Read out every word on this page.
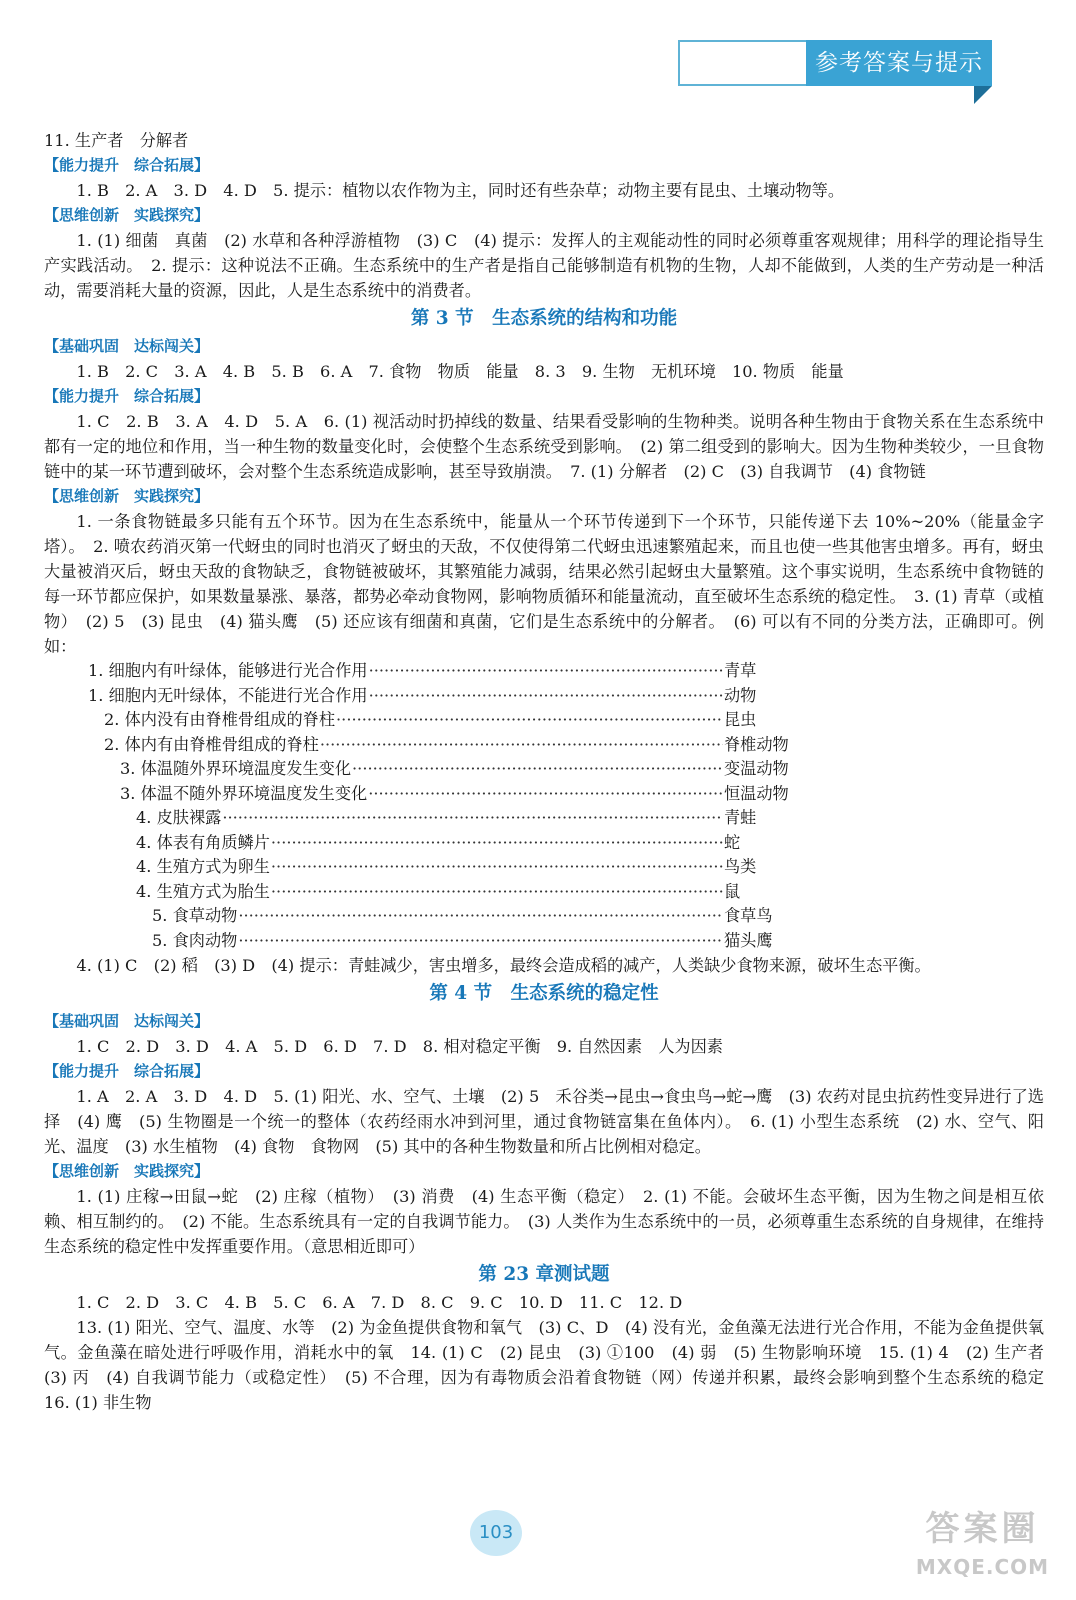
参考答案与提示

11. 生产者　分解者

【能力提升　综合拓展】

1. B　2. A　3. D　4. D　5. 提示：植物以农作物为主，同时还有些杂草；动物主要有昆虫、土壤动物等。

【思维创新　实践探究】

1. (1) 细菌　真菌　(2) 水草和各种浮游植物　(3) C　(4) 提示：发挥人的主观能动性的同时必须尊重客观规律；用科学的理论指导生产实践活动。　2. 提示：这种说法不正确。生态系统中的生产者是指自己能够制造有机物的生物，人却不能做到，人类的生产劳动是一种活动，需要消耗大量的资源，因此，人是生态系统中的消费者。

第 3 节　生态系统的结构和功能

【基础巩固　达标闯关】

1. B　2. C　3. A　4. B　5. B　6. A　7. 食物　物质　能量　8. 3　9. 生物　无机环境　10. 物质　能量

【能力提升　综合拓展】

1. C　2. B　3. A　4. D　5. A　6. (1) 视活动时扔掉线的数量、结果看受影响的生物种类。说明各种生物由于食物关系在生态系统中都有一定的地位和作用，当一种生物的数量变化时，会使整个生态系统受到影响。　(2) 第二组受到的影响大。因为生物种类较少，一旦食物链中的某一环节遭到破坏，会对整个生态系统造成影响，甚至导致崩溃。　7. (1) 分解者　(2) C　(3) 自我调节　(4) 食物链

【思维创新　实践探究】

1. 一条食物链最多只能有五个环节。因为在生态系统中，能量从一个环节传递到下一个环节，只能传递下去 10%~20%（能量金字塔）。　2. 喷农药消灭第一代蚜虫的同时也消灭了蚜虫的天敌，不仅使得第二代蚜虫迅速繁殖起来，而且也使一些其他害虫增多。再有，蚜虫大量被消灭后，蚜虫天敌的食物缺乏，食物链被破坏，其繁殖能力减弱，结果必然引起蚜虫大量繁殖。这个事实说明，生态系统中食物链的每一环节都应保护，如果数量暴涨、暴落，都势必牵动食物网，影响物质循环和能量流动，直至破坏生态系统的稳定性。　3. (1) 青草（或植物）　(2) 5　(3) 昆虫　(4) 猫头鹰　(5) 还应该有细菌和真菌，它们是生态系统中的分解者。　(6) 可以有不同的分类方法，正确即可。例如：

1. 细胞内有叶绿体，能够进行光合作用 ·····	青草
1. 细胞内无叶绿体，不能进行光合作用 ·····	动物
2. 体内没有由脊椎骨组成的脊柱 ·····	昆虫
2. 体内有由脊椎骨组成的脊柱 ·····	脊椎动物
3. 体温随外界环境温度发生变化 ·····	变温动物
3. 体温不随外界环境温度发生变化 ·····	恒温动物
4. 皮肤裸露 ·····	青蛙
4. 体表有角质鳞片 ·····	蛇
4. 生殖方式为卵生 ·····	鸟类
4. 生殖方式为胎生 ·····	鼠
5. 食草动物 ·····	食草鸟
5. 食肉动物 ·····	猫头鹰

4. (1) C　(2) 稻　(3) D　(4) 提示：青蛙减少，害虫增多，最终会造成稻的减产，人类缺少食物来源，破坏生态平衡。

第 4 节　生态系统的稳定性

【基础巩固　达标闯关】

1. C　2. D　3. D　4. A　5. D　6. D　7. D　8. 相对稳定平衡　9. 自然因素　人为因素

【能力提升　综合拓展】

1. A　2. A　3. D　4. D　5. (1) 阳光、水、空气、土壤　(2) 5　禾谷类→昆虫→食虫鸟→蛇→鹰　(3) 农药对昆虫抗药性变异进行了选择　(4) 鹰　(5) 生物圈是一个统一的整体（农药经雨水冲到河里，通过食物链富集在鱼体内）。　6. (1) 小型生态系统　(2) 水、空气、阳光、温度　(3) 水生植物　(4) 食物　食物网　(5) 其中的各种生物数量和所占比例相对稳定。

【思维创新　实践探究】

1. (1) 庄稼→田鼠→蛇　(2) 庄稼（植物）　(3) 消费　(4) 生态平衡（稳定）　2. (1) 不能。会破坏生态平衡，因为生物之间是相互依赖、相互制约的。　(2) 不能。生态系统具有一定的自我调节能力。　(3) 人类作为生态系统中的一员，必须尊重生态系统的自身规律，在维持生态系统的稳定性中发挥重要作用。（意思相近即可）

第 23 章测试题

1. C　2. D　3. C　4. B　5. C　6. A　7. D　8. C　9. C　10. D　11. C　12. D

13. (1) 阳光、空气、温度、水等　(2) 为金鱼提供食物和氧气　(3) C、D　(4) 没有光，金鱼藻无法进行光合作用，不能为金鱼提供氧气。金鱼藻在暗处进行呼吸作用，消耗水中的氧　14. (1) C　(2) 昆虫　(3) ①100　(4) 弱　(5) 生物影响环境　15. (1) 4　(2) 生产者　(3) 丙　(4) 自我调节能力（或稳定性）　(5) 不合理，因为有毒物质会沿着食物链（网）传递并积累，最终会影响到整个生态系统的稳定　16. (1) 非生物

103	答案圈
MXQE.COM
